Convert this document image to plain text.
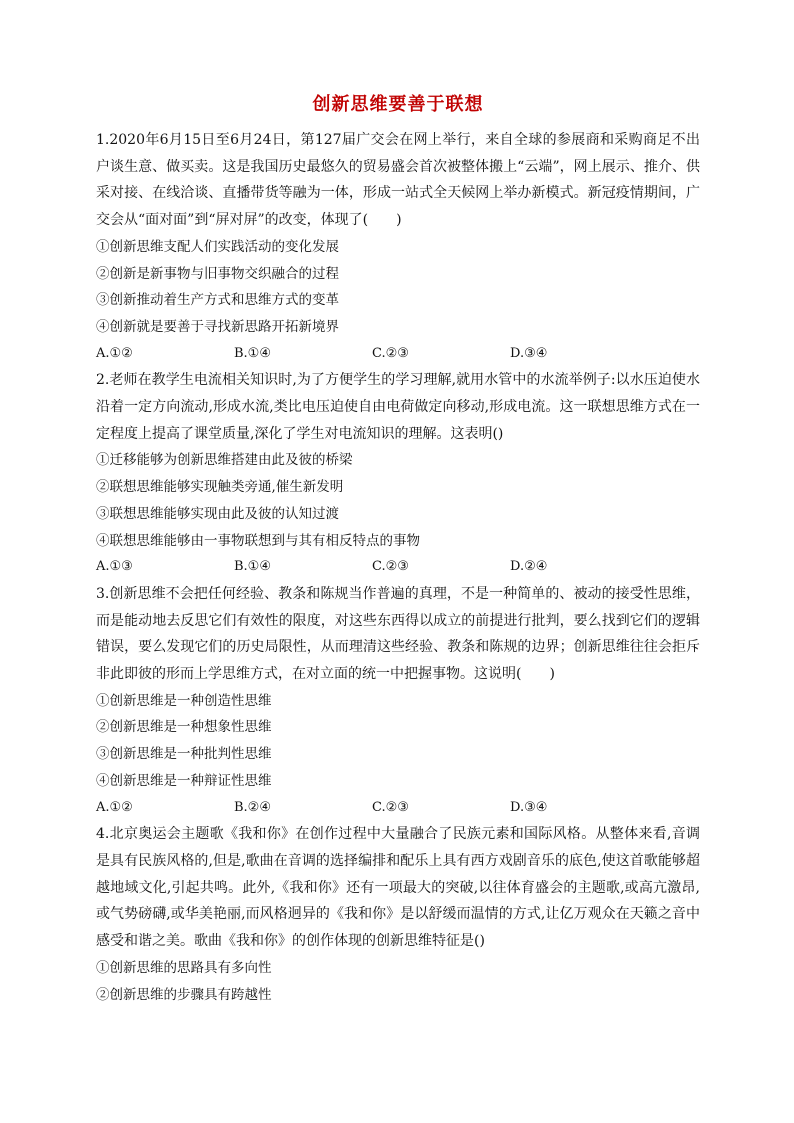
创新思维要善于联想

1.2020年6月15日至6月24日，第127届广交会在网上举行，来自全球的参展商和采购商足不出户谈生意、做买卖。这是我国历史最悠久的贸易盛会首次被整体搬上“云端”，网上展示、推介、供采对接、在线洽谈、直播带货等融为一体，形成一站式全天候网上举办新模式。新冠疫情期间，广交会从“面对面”到“屏对屏”的改变，体现了(　　)

①创新思维支配人们实践活动的变化发展

②创新是新事物与旧事物交织融合的过程

③创新推动着生产方式和思维方式的变革

④创新就是要善于寻找新思路开拓新境界

A.①②	B.①④	C.②③	D.③④

2.老师在教学生电流相关知识时,为了方便学生的学习理解,就用水管中的水流举例子:以水压迫使水沿着一定方向流动,形成水流,类比电压迫使自由电荷做定向移动,形成电流。这一联想思维方式在一定程度上提高了课堂质量,深化了学生对电流知识的理解。这表明()

①迁移能够为创新思维搭建由此及彼的桥梁

②联想思维能够实现触类旁通,催生新发明

③联想思维能够实现由此及彼的认知过渡

④联想思维能够由一事物联想到与其有相反特点的事物

A.①③	B.①④	C.②③	D.②④

3.创新思维不会把任何经验、教条和陈规当作普遍的真理，不是一种简单的、被动的接受性思维，而是能动地去反思它们有效性的限度，对这些东西得以成立的前提进行批判，要么找到它们的逻辑错误，要么发现它们的历史局限性，从而理清这些经验、教条和陈规的边界；创新思维往往会拒斥非此即彼的形而上学思维方式，在对立面的统一中把握事物。这说明(　　)

①创新思维是一种创造性思维

②创新思维是一种想象性思维

③创新思维是一种批判性思维

④创新思维是一种辩证性思维

A.①②	B.②④	C.②③	D.③④

4.北京奥运会主题歌《我和你》在创作过程中大量融合了民族元素和国际风格。从整体来看,音调是具有民族风格的,但是,歌曲在音调的选择编排和配乐上具有西方戏剧音乐的底色,使这首歌能够超越地域文化,引起共鸣。此外,《我和你》还有一项最大的突破,以往体育盛会的主题歌,或高亢激昂,或气势磅礴,或华美艳丽,而风格迥异的《我和你》是以舒缓而温情的方式,让亿万观众在天籁之音中感受和谐之美。歌曲《我和你》的创作体现的创新思维特征是()

①创新思维的思路具有多向性

②创新思维的步骤具有跨越性
